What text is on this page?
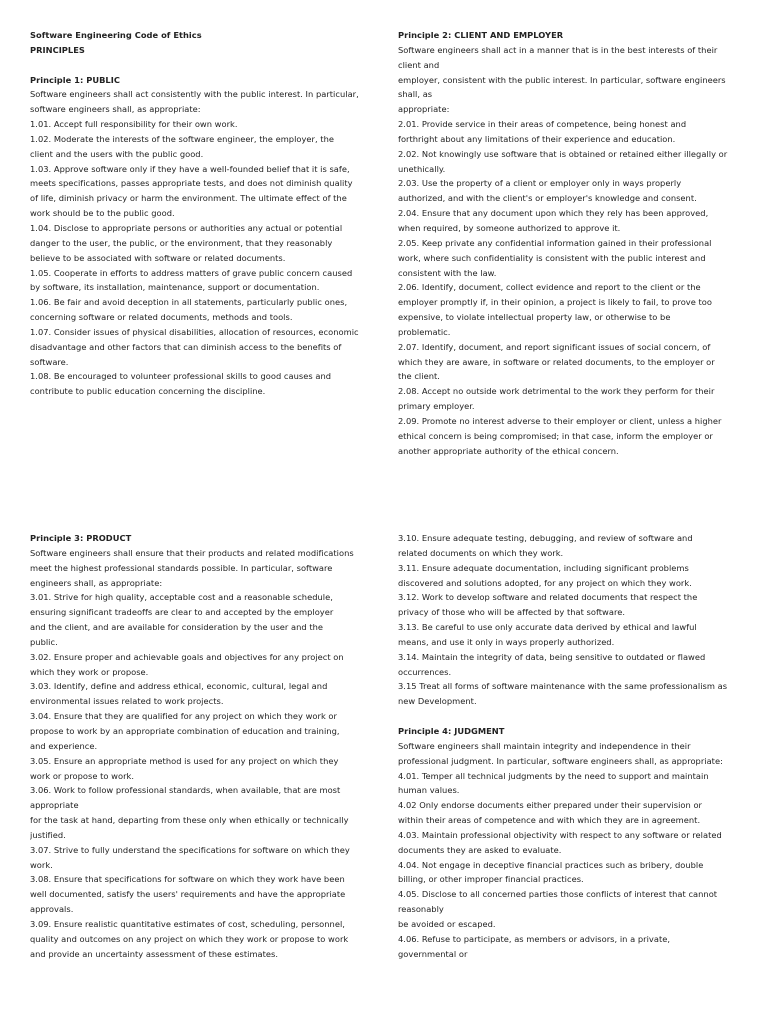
Software Engineering Code of Ethics
PRINCIPLES
Principle 1: PUBLIC
Software engineers shall act consistently with the public interest. In particular,
software engineers shall, as appropriate:
1.01. Accept full responsibility for their own work.
1.02. Moderate the interests of the software engineer, the employer, the
client and the users with the public good.
1.03. Approve software only if they have a well-founded belief that it is safe,
meets specifications, passes appropriate tests, and does not diminish quality
of life, diminish privacy or harm the environment. The ultimate effect of the
work should be to the public good.
1.04. Disclose to appropriate persons or authorities any actual or potential
danger to the user, the public, or the environment, that they reasonably
believe to be associated with software or related documents.
1.05. Cooperate in efforts to address matters of grave public concern caused
by software, its installation, maintenance, support or documentation.
1.06. Be fair and avoid deception in all statements, particularly public ones,
concerning software or related documents, methods and tools.
1.07. Consider issues of physical disabilities, allocation of resources, economic
disadvantage and other factors that can diminish access to the benefits of
software.
1.08. Be encouraged to volunteer professional skills to good causes and
contribute to public education concerning the discipline.
Principle 2: CLIENT AND EMPLOYER
Software engineers shall act in a manner that is in the best interests of their
client and
employer, consistent with the public interest. In particular, software engineers
shall, as
appropriate:
2.01. Provide service in their areas of competence, being honest and
forthright about any limitations of their experience and education.
2.02. Not knowingly use software that is obtained or retained either illegally or
unethically.
2.03. Use the property of a client or employer only in ways properly
authorized, and with the client's or employer's knowledge and consent.
2.04. Ensure that any document upon which they rely has been approved,
when required, by someone authorized to approve it.
2.05. Keep private any confidential information gained in their professional
work, where such confidentiality is consistent with the public interest and
consistent with the law.
2.06. Identify, document, collect evidence and report to the client or the
employer promptly if, in their opinion, a project is likely to fail, to prove too
expensive, to violate intellectual property law, or otherwise to be
problematic.
2.07. Identify, document, and report significant issues of social concern, of
which they are aware, in software or related documents, to the employer or
the client.
2.08. Accept no outside work detrimental to the work they perform for their
primary employer.
2.09. Promote no interest adverse to their employer or client, unless a higher
ethical concern is being compromised; in that case, inform the employer or
another appropriate authority of the ethical concern.
Principle 3: PRODUCT
Software engineers shall ensure that their products and related modifications
meet the highest professional standards possible. In particular, software
engineers shall, as appropriate:
3.01. Strive for high quality, acceptable cost and a reasonable schedule,
ensuring significant tradeoffs are clear to and accepted by the employer
and the client, and are available for consideration by the user and the
public.
3.02. Ensure proper and achievable goals and objectives for any project on
which they work or propose.
3.03. Identify, define and address ethical, economic, cultural, legal and
environmental issues related to work projects.
3.04. Ensure that they are qualified for any project on which they work or
propose to work by an appropriate combination of education and training,
and experience.
3.05. Ensure an appropriate method is used for any project on which they
work or propose to work.
3.06. Work to follow professional standards, when available, that are most
appropriate
for the task at hand, departing from these only when ethically or technically
justified.
3.07. Strive to fully understand the specifications for software on which they
work.
3.08. Ensure that specifications for software on which they work have been
well documented, satisfy the users' requirements and have the appropriate
approvals.
3.09. Ensure realistic quantitative estimates of cost, scheduling, personnel,
quality and outcomes on any project on which they work or propose to work
and provide an uncertainty assessment of these estimates.
3.10. Ensure adequate testing, debugging, and review of software and
related documents on which they work.
3.11. Ensure adequate documentation, including significant problems
discovered and solutions adopted, for any project on which they work.
3.12. Work to develop software and related documents that respect the
privacy of those who will be affected by that software.
3.13. Be careful to use only accurate data derived by ethical and lawful
means, and use it only in ways properly authorized.
3.14. Maintain the integrity of data, being sensitive to outdated or flawed
occurrences.
3.15 Treat all forms of software maintenance with the same professionalism as
new Development.
Principle 4: JUDGMENT
Software engineers shall maintain integrity and independence in their
professional judgment. In particular, software engineers shall, as appropriate:
4.01. Temper all technical judgments by the need to support and maintain
human values.
4.02 Only endorse documents either prepared under their supervision or
within their areas of competence and with which they are in agreement.
4.03. Maintain professional objectivity with respect to any software or related
documents they are asked to evaluate.
4.04. Not engage in deceptive financial practices such as bribery, double
billing, or other improper financial practices.
4.05. Disclose to all concerned parties those conflicts of interest that cannot
reasonably
be avoided or escaped.
4.06. Refuse to participate, as members or advisors, in a private,
governmental or
